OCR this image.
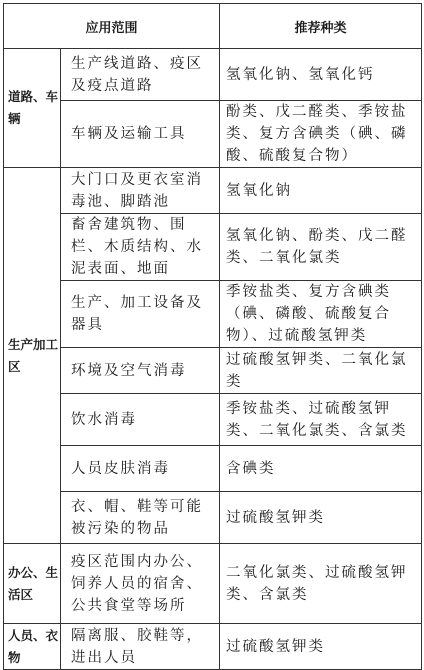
应用范围		推荐种类
道路、车辆	生产线道路、疫区及疫点道路	氢氧化钠、氢氧化钙
	车辆及运输工具	酚类、戊二醛类、季铵盐类、复方含碘类（碘、磷酸、硫酸复合物）
生产加工区	大门口及更衣室消毒池、脚踏池	氢氧化钠
	畜舍建筑物、围栏、木质结构、水泥表面、地面	氢氧化钠、酚类、戊二醛类、二氧化氯类
	生产、加工设备及器具	季铵盐类、复方含碘类（碘、磷酸、硫酸复合物）、过硫酸氢钾类
	环境及空气消毒	过硫酸氢钾类、二氧化氯类
	饮水消毒	季铵盐类、过硫酸氢钾类、二氧化氯类、含氯类
	人员皮肤消毒	含碘类
	衣、帽、鞋等可能被污染的物品	过硫酸氢钾类
办公、生活区	疫区范围内办公、饲养人员的宿舍、公共食堂等场所	二氧化氯类、过硫酸氢钾类、含氯类
人员、衣物	隔离服、胶鞋等，进出人员	过硫酸氢钾类
